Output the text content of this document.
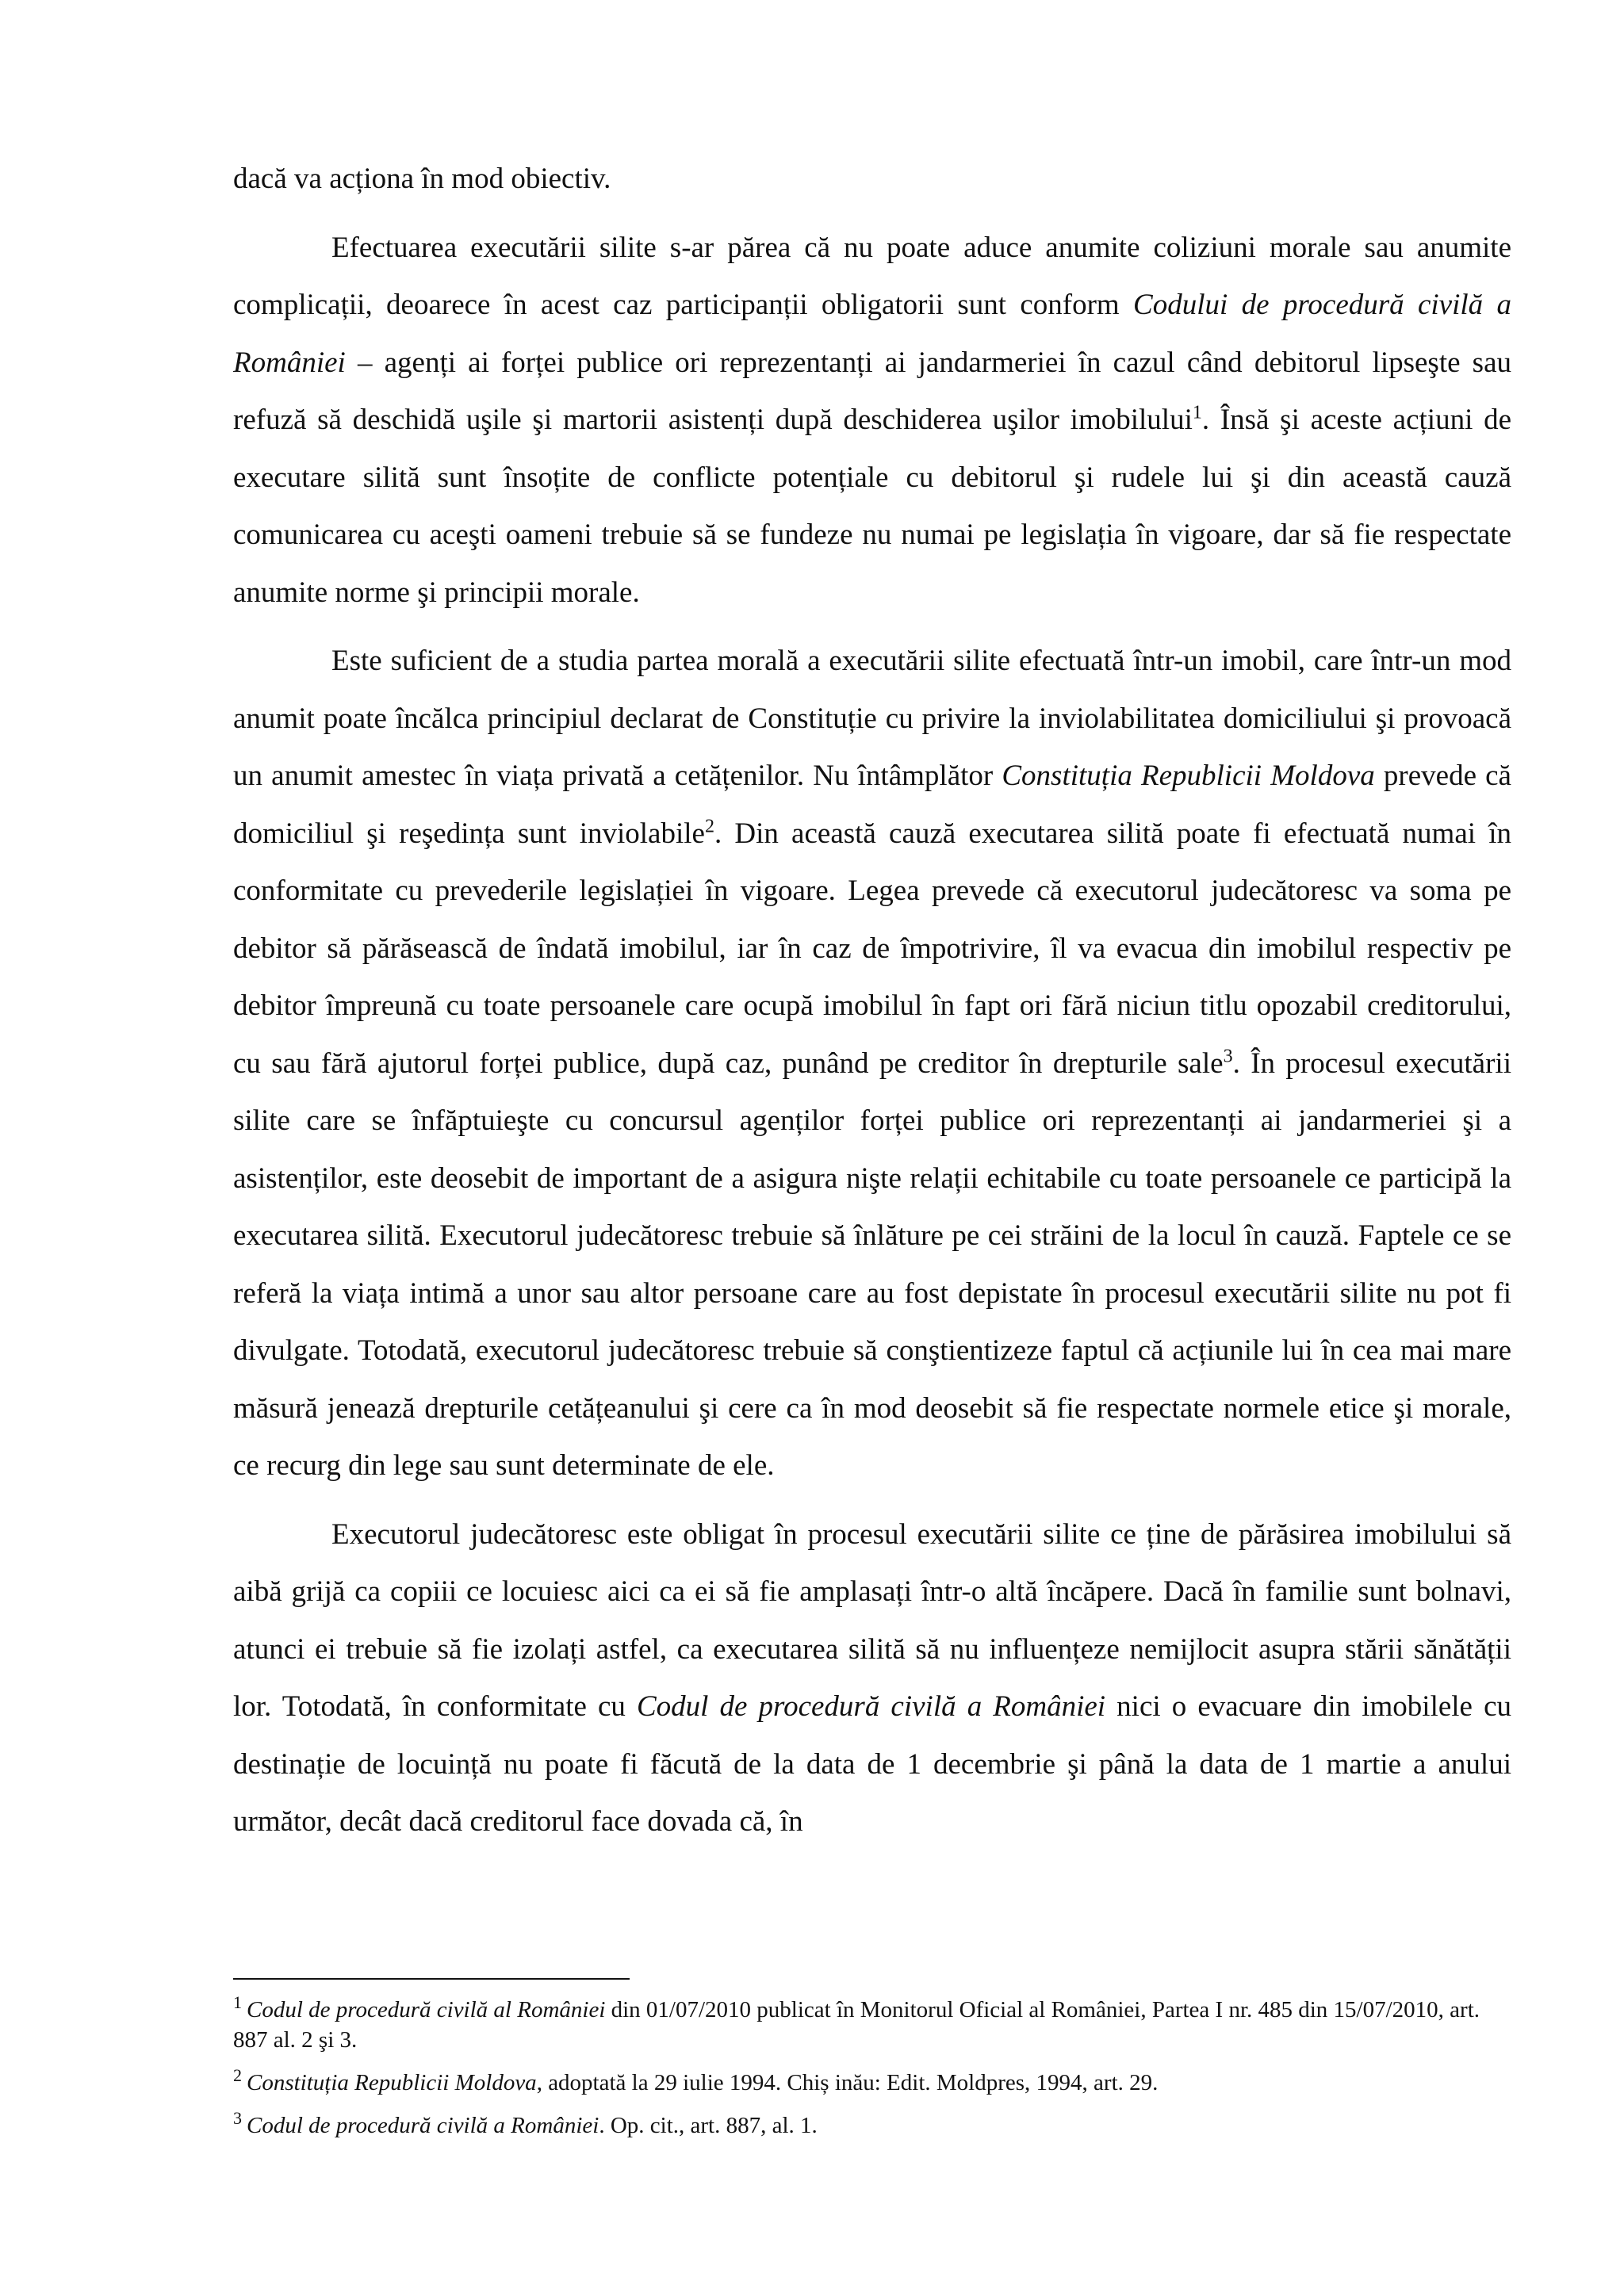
dacă va acționa în mod obiectiv.

Efectuarea executării silite s-ar părea că nu poate aduce anumite coliziuni morale sau anumite complicații, deoarece în acest caz participanții obligatorii sunt conform Codului de procedură civilă a României – agenți ai forței publice ori reprezentanți ai jandarmeriei în cazul când debitorul lipseşte sau refuză să deschidă uşile şi martorii asistenți după deschiderea uşilor imobilului$^1$. Însă şi aceste acțiuni de executare silită sunt însoțite de conflicte potențiale cu debitorul şi rudele lui şi din această cauză comunicarea cu aceşti oameni trebuie să se fundeze nu numai pe legislația în vigoare, dar să fie respectate anumite norme şi principii morale.

Este suficient de a studia partea morală a executării silite efectuată într-un imobil, care într-un mod anumit poate încălca principiul declarat de Constituție cu privire la inviolabilitatea domiciliului şi provoacă un anumit amestec în viața privată a cetățenilor. Nu întâmplător Constituția Republicii Moldova prevede că domiciliul şi reşedința sunt inviolabile$^2$. Din această cauză executarea silită poate fi efectuată numai în conformitate cu prevederile legislației în vigoare. Legea prevede că executorul judecătoresc va soma pe debitor să părăsească de îndată imobilul, iar în caz de împotrivire, îl va evacua din imobilul respectiv pe debitor împreună cu toate persoanele care ocupă imobilul în fapt ori fără niciun titlu opozabil creditorului, cu sau fără ajutorul forței publice, după caz, punând pe creditor în drepturile sale$^3$. În procesul executării silite care se înfăptuieşte cu concursul agenților forței publice ori reprezentanți ai jandarmeriei şi a asistenților, este deosebit de important de a asigura nişte relații echitabile cu toate persoanele ce participă la executarea silită. Executorul judecătoresc trebuie să înlăture pe cei străini de la locul în cauză. Faptele ce se referă la viața intimă a unor sau altor persoane care au fost depistate în procesul executării silite nu pot fi divulgate. Totodată, executorul judecătoresc trebuie să conştientizeze faptul că acțiunile lui în cea mai mare măsură jenează drepturile cetățeanului şi cere ca în mod deosebit să fie respectate normele etice şi morale, ce recurg din lege sau sunt determinate de ele.

Executorul judecătoresc este obligat în procesul executării silite ce ține de părăsirea imobilului să aibă grijă ca copiii ce locuiesc aici ca ei să fie amplasați într-o altă încăpere. Dacă în familie sunt bolnavi, atunci ei trebuie să fie izolați astfel, ca executarea silită să nu influențeze nemijlocit asupra stării sănătății lor. Totodată, în conformitate cu Codul de procedură civilă a României nici o evacuare din imobilele cu destinație de locuință nu poate fi făcută de la data de 1 decembrie şi până la data de 1 martie a anului următor, decât dacă creditorul face dovada că, în

$^1$ Codul de procedură civilă al României din 01/07/2010 publicat în Monitorul Oficial al României, Partea I nr. 485 din 15/07/2010, art. 887 al. 2 şi 3.

$^2$ Constituția Republicii Moldova, adoptată la 29 iulie 1994. Chiș inău: Edit. Moldpres, 1994, art. 29.

$^3$ Codul de procedură civilă a României. Op. cit., art. 887, al. 1.
